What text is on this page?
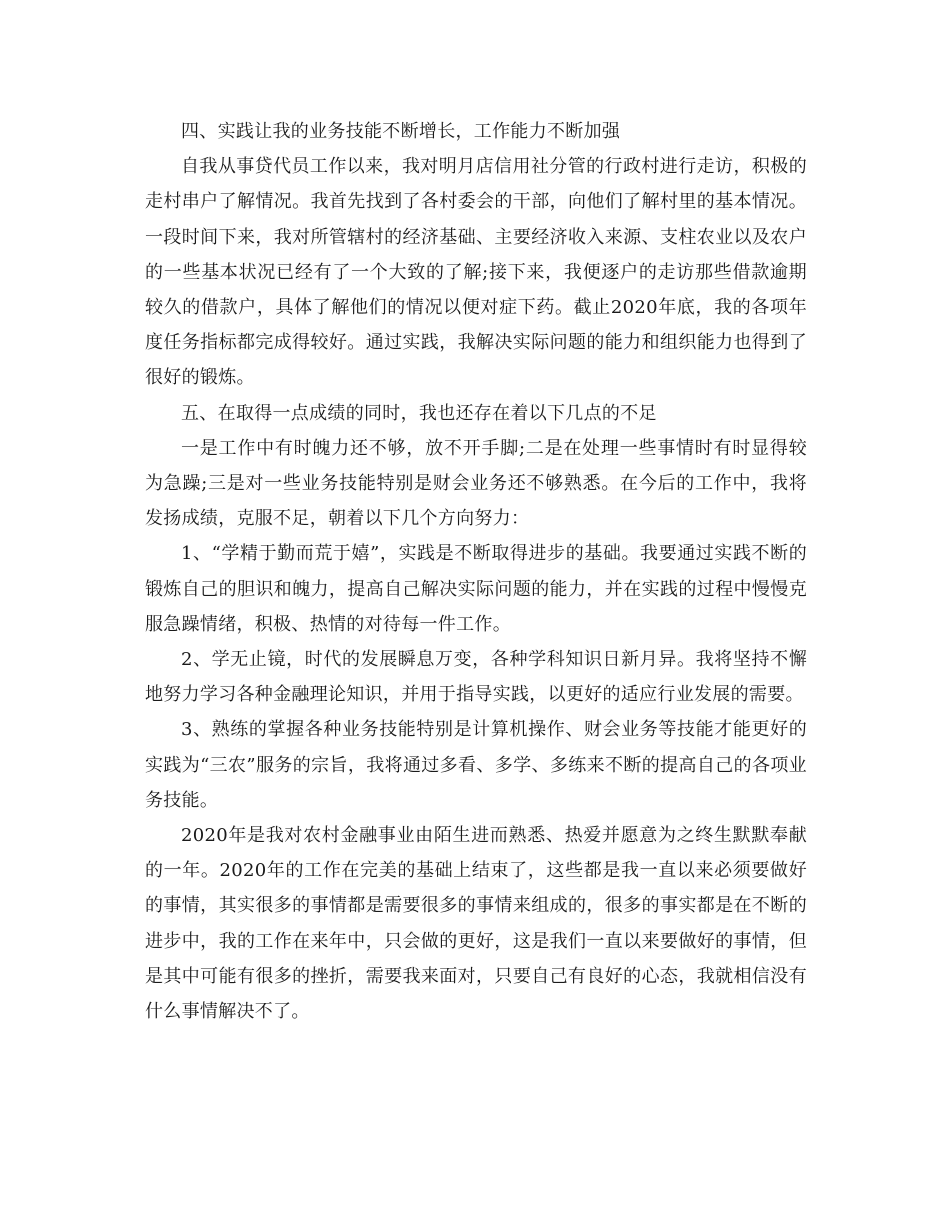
四、实践让我的业务技能不断增长，工作能力不断加强

自我从事贷代员工作以来，我对明月店信用社分管的行政村进行走访，积极的走村串户了解情况。我首先找到了各村委会的干部，向他们了解村里的基本情况。一段时间下来，我对所管辖村的经济基础、主要经济收入来源、支柱农业以及农户的一些基本状况已经有了一个大致的了解;接下来，我便逐户的走访那些借款逾期较久的借款户，具体了解他们的情况以便对症下药。截止2020年底，我的各项年度任务指标都完成得较好。通过实践，我解决实际问题的能力和组织能力也得到了很好的锻炼。

五、在取得一点成绩的同时，我也还存在着以下几点的不足

一是工作中有时魄力还不够，放不开手脚;二是在处理一些事情时有时显得较为急躁;三是对一些业务技能特别是财会业务还不够熟悉。在今后的工作中，我将发扬成绩，克服不足，朝着以下几个方向努力：

1、“学精于勤而荒于嬉”，实践是不断取得进步的基础。我要通过实践不断的锻炼自己的胆识和魄力，提高自己解决实际问题的能力，并在实践的过程中慢慢克服急躁情绪，积极、热情的对待每一件工作。

2、学无止镜，时代的发展瞬息万变，各种学科知识日新月异。我将坚持不懈地努力学习各种金融理论知识，并用于指导实践，以更好的适应行业发展的需要。

3、熟练的掌握各种业务技能特别是计算机操作、财会业务等技能才能更好的实践为“三农”服务的宗旨，我将通过多看、多学、多练来不断的提高自己的各项业务技能。

2020年是我对农村金融事业由陌生进而熟悉、热爱并愿意为之终生默默奉献的一年。2020年的工作在完美的基础上结束了，这些都是我一直以来必须要做好的事情，其实很多的事情都是需要很多的事情来组成的，很多的事实都是在不断的进步中，我的工作在来年中，只会做的更好，这是我们一直以来要做好的事情，但是其中可能有很多的挫折，需要我来面对，只要自己有良好的心态，我就相信没有什么事情解决不了。
